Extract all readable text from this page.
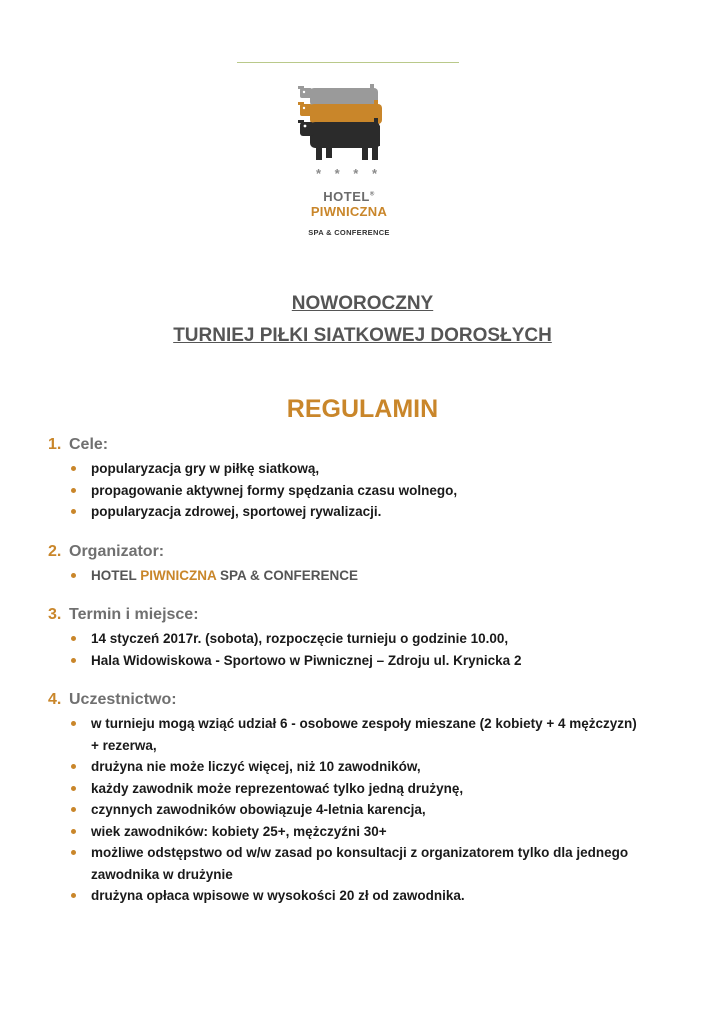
* * * *
HOTEL®
PIWNICZNA
SPA & CONFERENCE
NOWOROCZNY
TURNIEJ PIŁKI SIATKOWEJ DOROSŁYCH
REGULAMIN
1. Cele:
popularyzacja gry w piłkę siatkową,
propagowanie aktywnej formy spędzania czasu wolnego,
popularyzacja zdrowej, sportowej rywalizacji.
2. Organizator:
HOTEL PIWNICZNA SPA & CONFERENCE
3. Termin i miejsce:
14 styczeń 2017r. (sobota), rozpoczęcie turnieju o godzinie 10.00,
Hala Widowiskowa - Sportowo w Piwnicznej – Zdroju ul. Krynicka 2
4. Uczestnictwo:
w turnieju mogą wziąć udział 6 - osobowe zespoły mieszane (2 kobiety + 4 mężczyzn)
+ rezerwa,
drużyna nie może liczyć więcej, niż 10 zawodników,
każdy zawodnik może reprezentować tylko jedną drużynę,
czynnych zawodników obowiązuje 4-letnia karencja,
wiek zawodników: kobiety 25+, mężczyźni 30+
możliwe odstępstwo od w/w zasad po konsultacji z organizatorem tylko dla jednego
zawodnika w drużynie
drużyna opłaca wpisowe w wysokości 20 zł od zawodnika.
